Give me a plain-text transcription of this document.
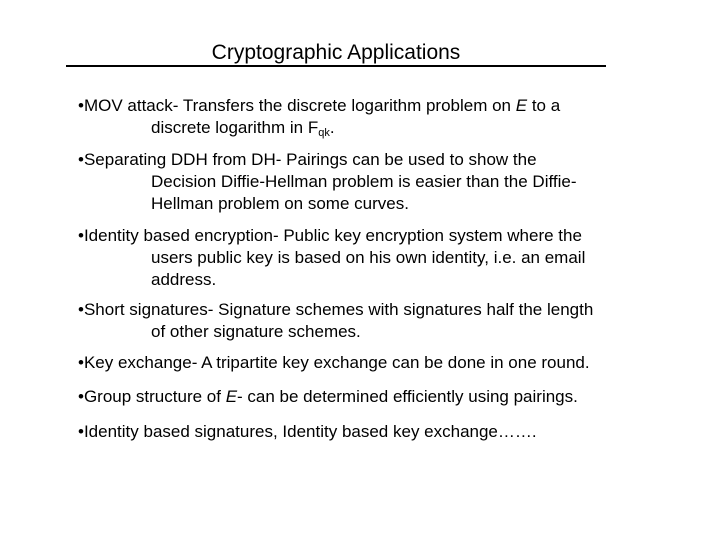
Cryptographic Applications
•MOV attack- Transfers the discrete logarithm problem on E to a
discrete logarithm in $F_{qk}$.
•Separating DDH from DH- Pairings can be used to show the
Decision Diffie-Hellman problem is easier than the Diffie-
Hellman problem on some curves.
•Identity based encryption- Public key encryption system where the
users public key is based on his own identity, i.e. an email
address.
•Short signatures- Signature schemes with signatures half the length
of other signature schemes.
•Key exchange- A tripartite key exchange can be done in one round.
•Group structure of E- can be determined efficiently using pairings.
•Identity based signatures, Identity based key exchange…….
